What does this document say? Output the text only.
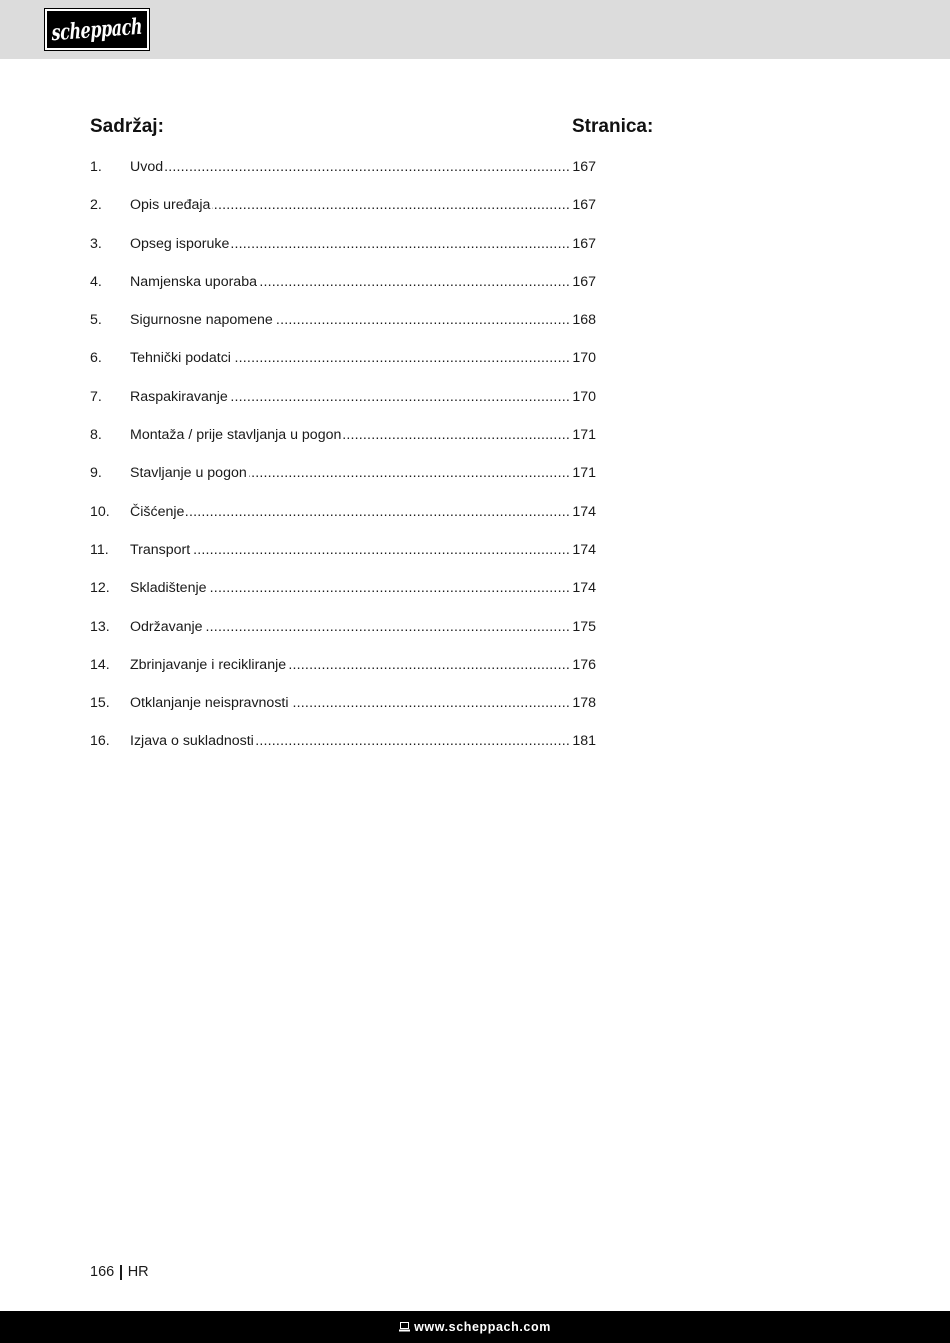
scheppach
Sadržaj:	Stranica:
1.	Uvod .....	167
2.	Opis uređaja .....	167
3.	Opseg isporuke .....	167
4.	Namjenska uporaba .....	167
5.	Sigurnosne napomene .....	168
6.	Tehnički podatci .....	170
7.	Raspakiravanje .....	170
8.	Montaža / prije stavljanja u pogon .....	171
9.	Stavljanje u pogon .....	171
10.	Čišćenje .....	174
11.	Transport .....	174
12.	Skladištenje .....	174
13.	Održavanje .....	175
14.	Zbrinjavanje i recikliranje .....	176
15.	Otklanjanje neispravnosti .....	178
16.	Izjava o sukladnosti .....	181
166 HR
www.scheppach.com
